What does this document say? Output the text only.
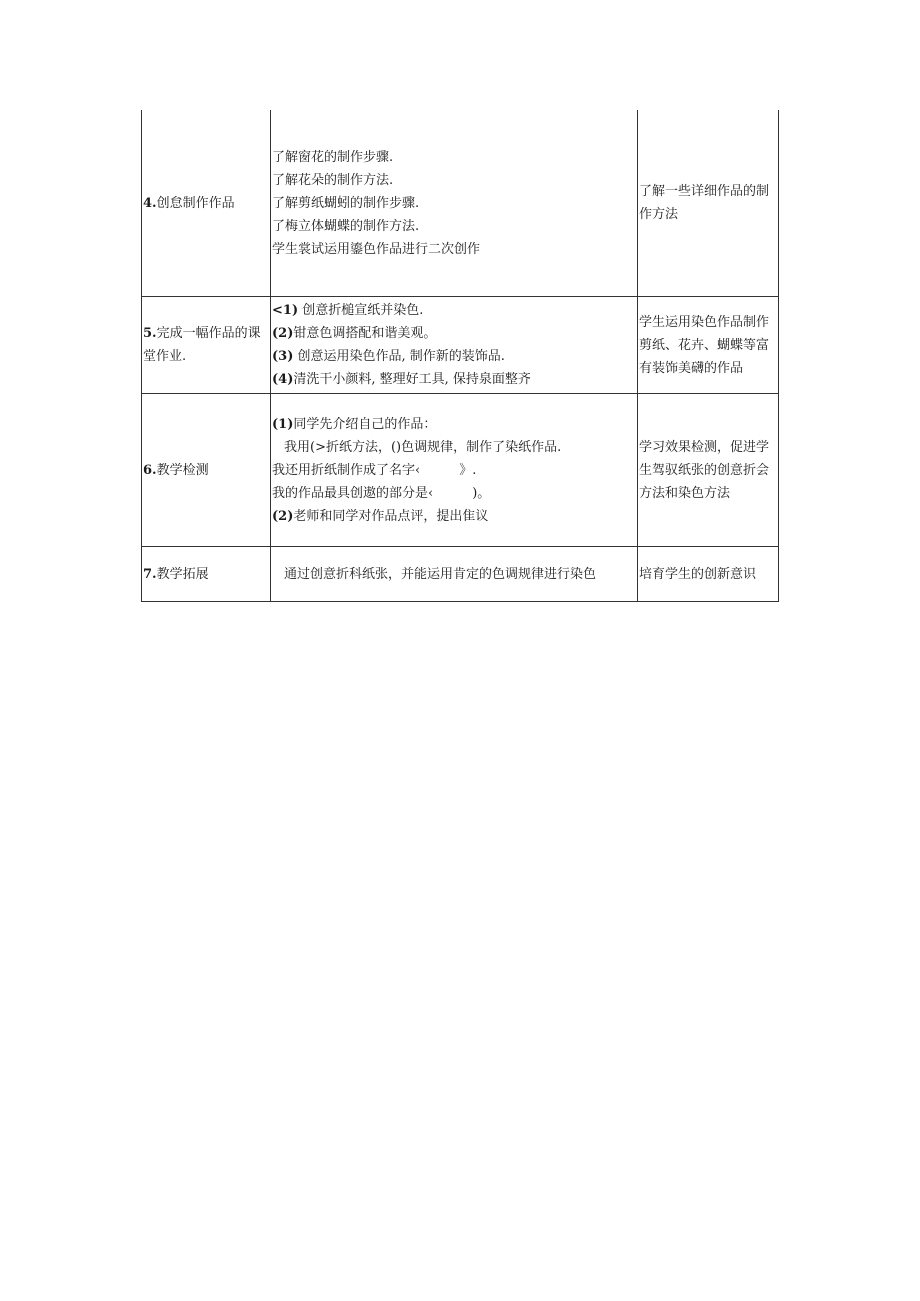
4.创怠制作作品	了解窗花的制作步骤.
了解花朵的制作方法.
了解剪纸蝴蚓的制作步骤.
了梅立体蝴蝶的制作方法.
学生裳试运用鎏色作品进行二次创作	了解一些详细作品的制作方法

5.完成一幅作品的课堂作业.	<1) 创意折槌宣纸并染色.
(2)钳意色调搭配和谐美观。
(3) 创意运用染色作品, 制作新的装饰品.
(4)清洗干小颜料, 整理好工具, 保持泉面整齐	学生运用染色作品制作剪纸、花卉、蝴蝶等富有装饰美礴的作品

6.教学检测	(1)同学先介绍自己的作品：
我用(>折纸方法，()色调规律，制作了染纸作品.
我还用折纸制作成了名字‹　　　》.
我的作品最具创遨的部分是‹　　　)。
(2)老师和同学对作品点评，提出隹议	学习效果检测，促进学生驾驭纸张的创意折会方法和染色方法

7.教学拓展	通过创意折科纸张，并能运用肯定的色调规律进行染色	培育学生的创新意识
